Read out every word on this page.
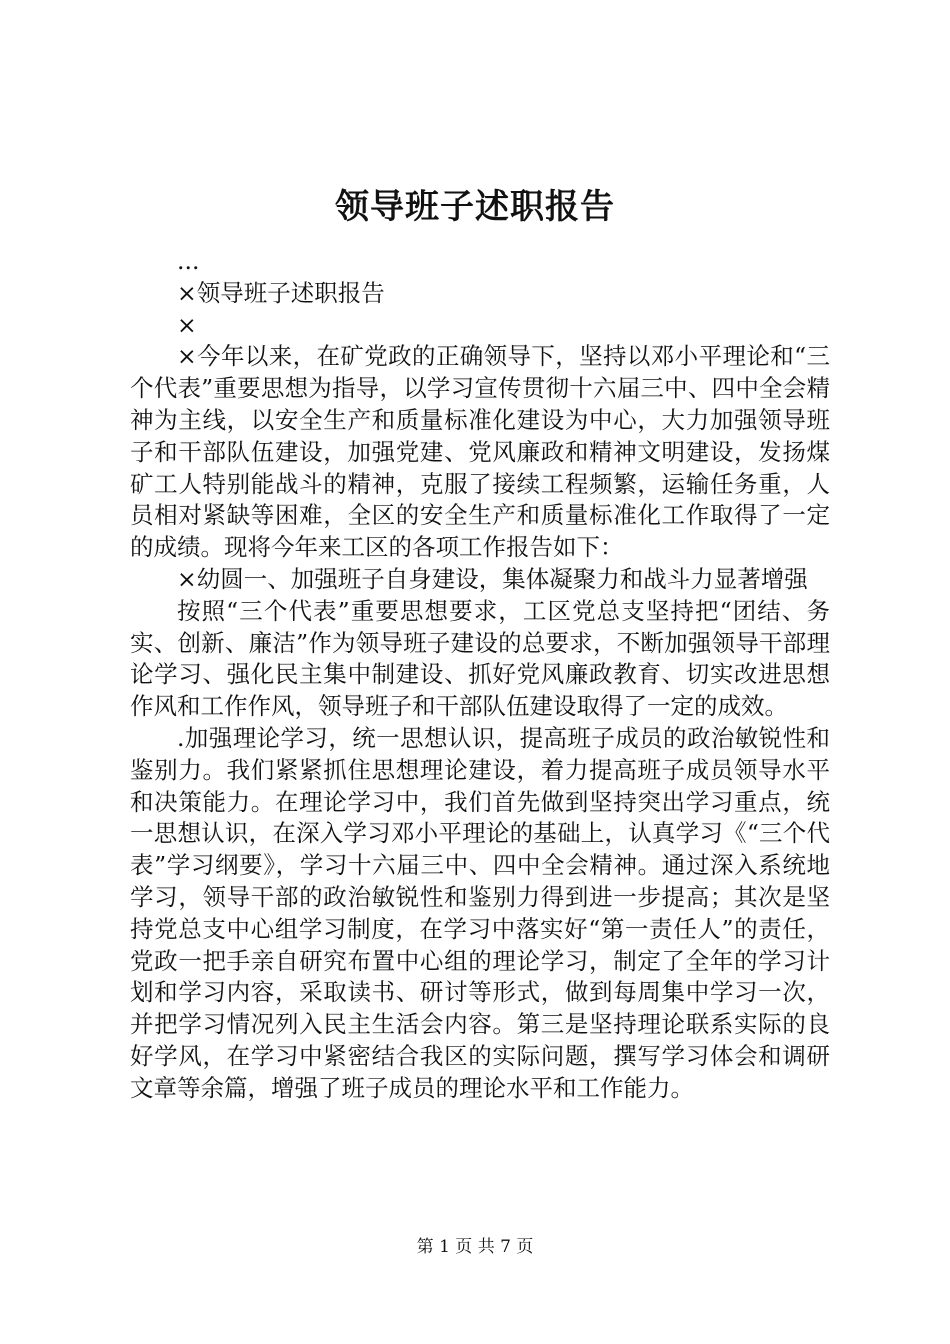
领导班子述职报告

...

×领导班子述职报告

×

×今年以来，在矿党政的正确领导下，坚持以邓小平理论和“三个代表”重要思想为指导，以学习宣传贯彻十六届三中、四中全会精神为主线，以安全生产和质量标准化建设为中心，大力加强领导班子和干部队伍建设，加强党建、党风廉政和精神文明建设，发扬煤矿工人特别能战斗的精神，克服了接续工程频繁，运输任务重，人员相对紧缺等困难，全区的安全生产和质量标准化工作取得了一定的成绩。现将今年来工区的各项工作报告如下：

×幼圆一、加强班子自身建设，集体凝聚力和战斗力显著增强

按照“三个代表”重要思想要求，工区党总支坚持把“团结、务实、创新、廉洁”作为领导班子建设的总要求，不断加强领导干部理论学习、强化民主集中制建设、抓好党风廉政教育、切实改进思想作风和工作作风，领导班子和干部队伍建设取得了一定的成效。

.加强理论学习，统一思想认识，提高班子成员的政治敏锐性和鉴别力。我们紧紧抓住思想理论建设，着力提高班子成员领导水平和决策能力。在理论学习中，我们首先做到坚持突出学习重点，统一思想认识，在深入学习邓小平理论的基础上，认真学习《“三个代表”学习纲要》，学习十六届三中、四中全会精神。通过深入系统地学习，领导干部的政治敏锐性和鉴别力得到进一步提高；其次是坚持党总支中心组学习制度，在学习中落实好“第一责任人”的责任，党政一把手亲自研究布置中心组的理论学习，制定了全年的学习计划和学习内容，采取读书、研讨等形式，做到每周集中学习一次，并把学习情况列入民主生活会内容。第三是坚持理论联系实际的良好学风，在学习中紧密结合我区的实际问题，撰写学习体会和调研文章等余篇，增强了班子成员的理论水平和工作能力。

第 1 页 共 7 页
